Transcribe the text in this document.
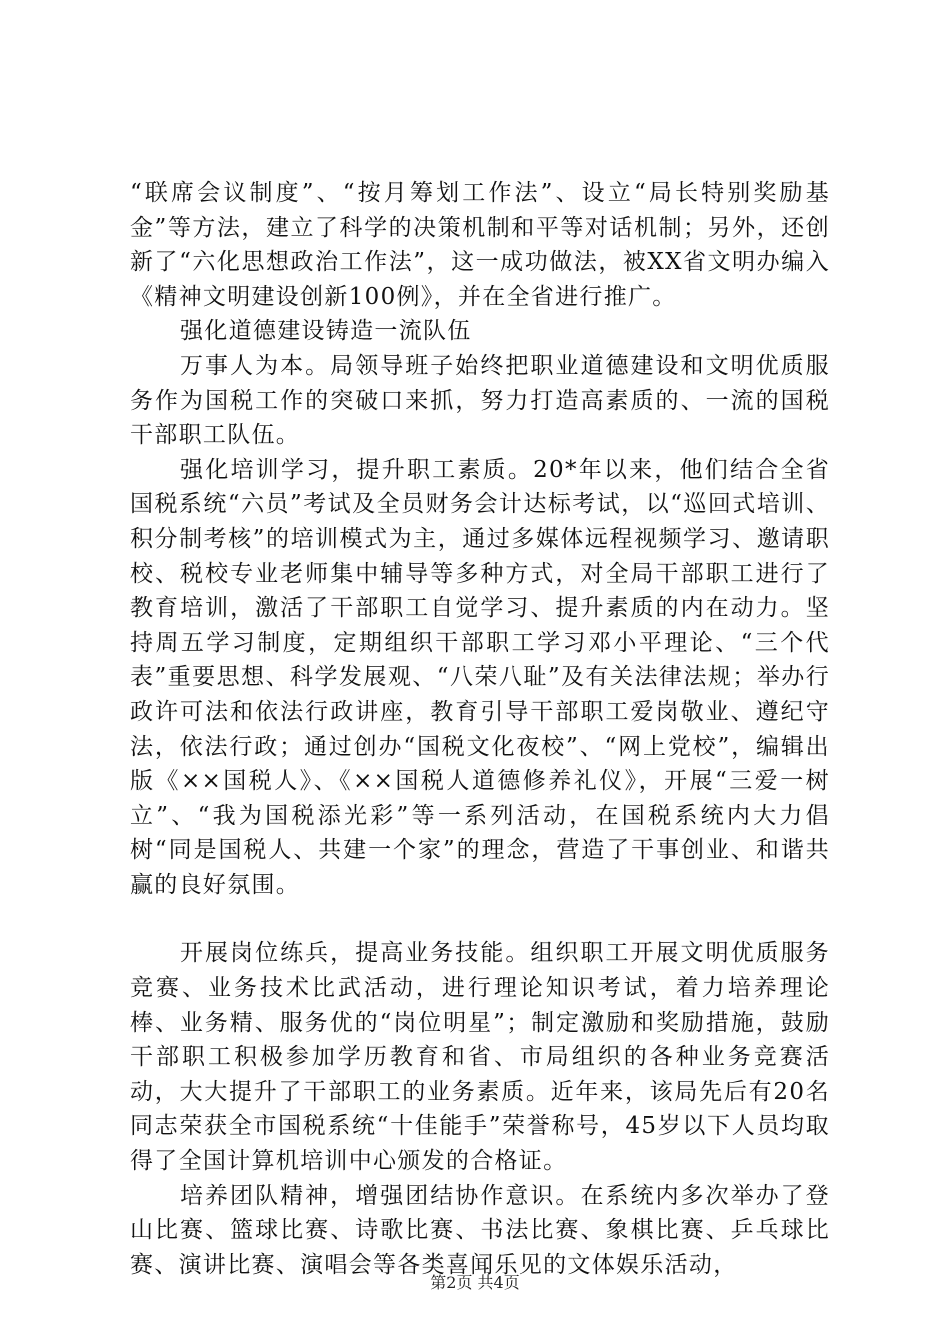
“联席会议制度”、“按月筹划工作法”、设立“局长特别奖励基金”等方法，建立了科学的决策机制和平等对话机制；另外，还创新了“六化思想政治工作法”，这一成功做法，被XX省文明办编入《精神文明建设创新100例》，并在全省进行推广。

强化道德建设铸造一流队伍

万事人为本。局领导班子始终把职业道德建设和文明优质服务作为国税工作的突破口来抓，努力打造高素质的、一流的国税干部职工队伍。

强化培训学习，提升职工素质。20*年以来，他们结合全省国税系统“六员”考试及全员财务会计达标考试，以“巡回式培训、积分制考核”的培训模式为主，通过多媒体远程视频学习、邀请职校、税校专业老师集中辅导等多种方式，对全局干部职工进行了教育培训，激活了干部职工自觉学习、提升素质的内在动力。坚持周五学习制度，定期组织干部职工学习邓小平理论、“三个代表”重要思想、科学发展观、“八荣八耻”及有关法律法规；举办行政许可法和依法行政讲座，教育引导干部职工爱岗敬业、遵纪守法，依法行政；通过创办“国税文化夜校”、“网上党校”，编辑出版《××国税人》、《××国税人道德修养礼仪》，开展“三爱一树立”、“我为国税添光彩”等一系列活动，在国税系统内大力倡树“同是国税人、共建一个家”的理念，营造了干事创业、和谐共赢的良好氛围。

开展岗位练兵，提高业务技能。组织职工开展文明优质服务竞赛、业务技术比武活动，进行理论知识考试，着力培养理论棒、业务精、服务优的“岗位明星”；制定激励和奖励措施，鼓励干部职工积极参加学历教育和省、市局组织的各种业务竞赛活动，大大提升了干部职工的业务素质。近年来，该局先后有20名同志荣获全市国税系统“十佳能手”荣誉称号，45岁以下人员均取得了全国计算机培训中心颁发的合格证。

培养团队精神，增强团结协作意识。在系统内多次举办了登山比赛、篮球比赛、诗歌比赛、书法比赛、象棋比赛、乒乓球比赛、演讲比赛、演唱会等各类喜闻乐见的文体娱乐活动，

第2页 共4页
